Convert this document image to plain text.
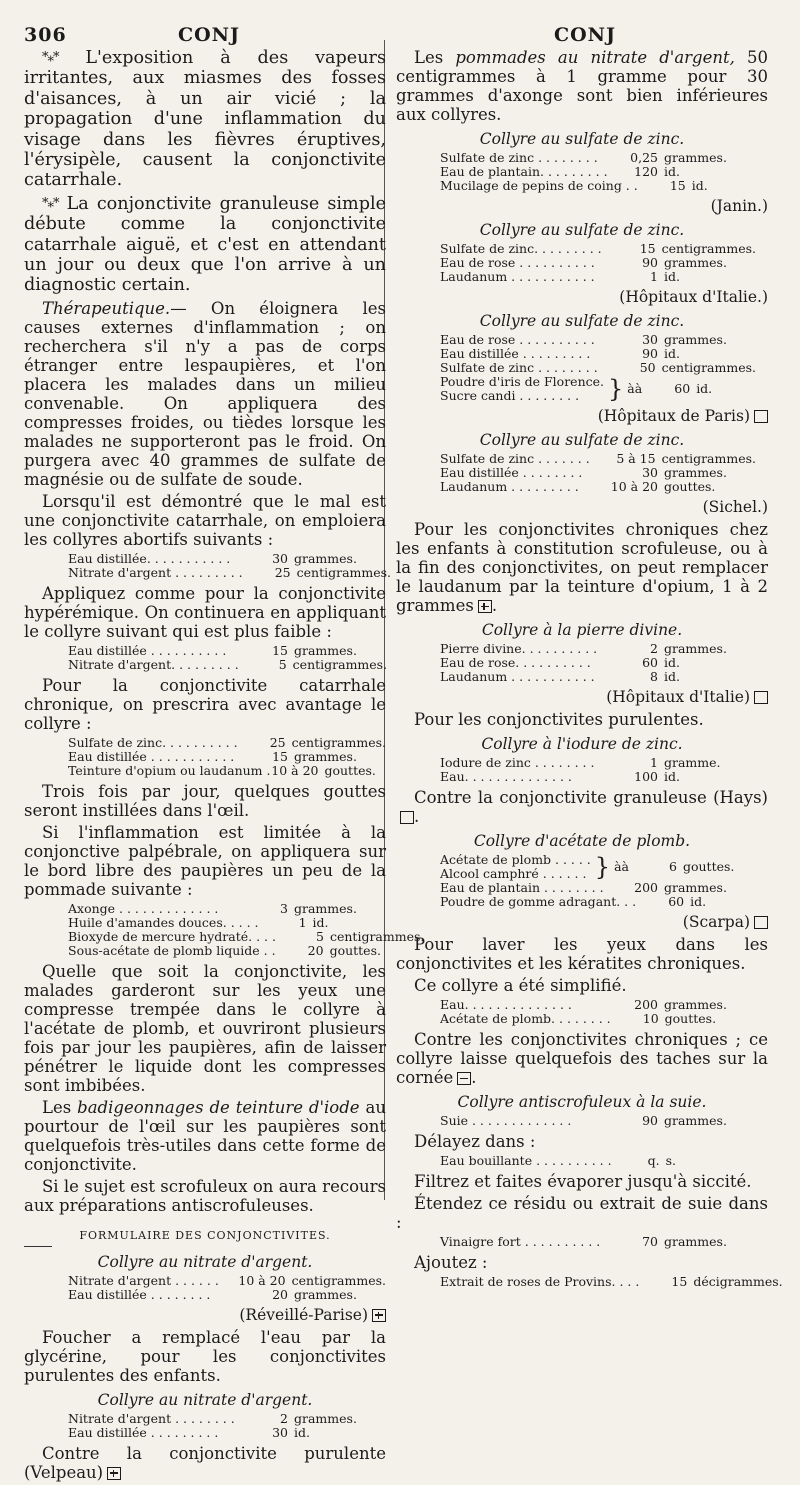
306	CONJ	CONJ

*⁎* L'exposition à des vapeurs irritantes, aux miasmes des fosses d'aisances, à un air vicié ; la propagation d'une inflammation du visage dans les fièvres éruptives, l'érysipèle, causent la conjonctivite catarrhale.

*⁎* La conjonctivite granuleuse simple débute comme la conjonctivite catarrhale aiguë, et c'est en attendant un jour ou deux que l'on arrive à un diagnostic certain.

Thérapeutique.— On éloignera les causes externes d'inflammation ; on recherchera s'il n'y a pas de corps étranger entre lespaupières, et l'on placera les malades dans un milieu convenable. On appliquera des compresses froides, ou tièdes lorsque les malades ne supporteront pas le froid. On purgera avec 40 grammes de sulfate de magnésie ou de sulfate de soude.

Lorsqu'il est démontré que le mal est une conjonctivite catarrhale, on emploiera les collyres abortifs suivants :

Eau distillée. . . . . . . . . . .	30 grammes.
Nitrate d'argent . . . . . . . . .	25 centigrammes.

Appliquez comme pour la conjonctivite hypérémique. On continuera en appliquant le collyre suivant qui est plus faible :

Eau distillée . . . . . . . . . .	15 grammes.
Nitrate d'argent. . . . . . . . .	5 centigrammes.

Pour la conjonctivite catarrhale chronique, on prescrira avec avantage le collyre :

Sulfate de zinc. . . . . . . . . .	25 centigrammes.
Eau distillée . . . . . . . . . . .	15 grammes.
Teinture d'opium ou laudanum . 10 à 20 gouttes.

Trois fois par jour, quelques gouttes seront instillées dans l'œil.

Si l'inflammation est limitée à la conjonctive palpébrale, on appliquera sur le bord libre des paupières un peu de la pommade suivante :

Axonge . . . . . . . . . . . . .	3 grammes.
Huile d'amandes douces. . . . .	1 id.
Bioxyde de mercure hydraté. . . .	5 centigrammes.
Sous-acétate de plomb liquide . .	20 gouttes.

Quelle que soit la conjonctivite, les malades garderont sur les yeux une compresse trempée dans le collyre à l'acétate de plomb, et ouvriront plusieurs fois par jour les paupières, afin de laisser pénétrer le liquide dont les compresses sont imbibées.

Les badigeonnages de teinture d'iode au pourtour de l'œil sur les paupières sont quelquefois très-utiles dans cette forme de conjonctivite.

Si le sujet est scrofuleux on aura recours aux préparations antiscrofuleuses.

FORMULAIRE DES CONJONCTIVITES.
Collyre au nitrate d'argent.
Nitrate d'argent . . . . . . 10 à 20 centigrammes.
Eau distillée . . . . . . . .	20 grammes.
(Réveillé-Parise)

Foucher a remplacé l'eau par la glycérine, pour les conjonctivites purulentes des enfants.

Collyre au nitrate d'argent.
Nitrate d'argent . . . . . . . .	2 grammes.
Eau distillée . . . . . . . . .	30 id.

Contre la conjonctivite purulente (Velpeau)

Les pommades au nitrate d'argent, 50 centigrammes à 1 gramme pour 30 grammes d'axonge sont bien inférieures aux collyres.

Collyre au sulfate de zinc.
Sulfate de zinc . . . . . . . .	0,25 grammes.
Eau de plantain. . . . . . . . .	120 id.
Mucilage de pepins de coing . .	15 id.
(Janin.)
Collyre au sulfate de zinc.
Sulfate de zinc. . . . . . . . .	15 centigrammes.
Eau de rose . . . . . . . . . .	90 grammes.
Laudanum . . . . . . . . . . .	1 id.
(Hôpitaux d'Italie.)
Collyre au sulfate de zinc.
Eau de rose . . . . . . . . . .	30 grammes.
Eau distillée . . . . . . . . .	90 id.
Sulfate de zinc . . . . . . . .	50 centigrammes.
Poudre d'iris de Florence.
Sucre candi . . . . . . . .	} àà	60 id.
(Hôpitaux de Paris)
Collyre au sulfate de zinc.
Sulfate de zinc . . . . . . .	5 à 15 centigrammes.
Eau distillée . . . . . . . .	30 grammes.
Laudanum . . . . . . . . .	10 à 20 gouttes.
(Sichel.)

Pour les conjonctivites chroniques chez les enfants à constitution scrofuleuse, ou à la fin des conjonctivites, on peut remplacer le laudanum par la teinture d'opium, 1 à 2 grammes .

Collyre à la pierre divine.
Pierre divine. . . . . . . . . .	2 grammes.
Eau de rose. . . . . . . . . .	60 id.
Laudanum . . . . . . . . . . .	8 id.
(Hôpitaux d'Italie)

Pour les conjonctivites purulentes.

Collyre à l'iodure de zinc.
Iodure de zinc . . . . . . . .	1 gramme.
Eau. . . . . . . . . . . . . .	100 id.

Contre la conjonctivite granuleuse (Hays).

Collyre d'acétate de plomb.
Acétate de plomb . . . . .
Alcool camphré . . . . . . } àà	6 gouttes.
Eau de plantain . . . . . . . .	200 grammes.
Poudre de gomme adragant. . .	60 id.
(Scarpa)

Pour laver les yeux dans les conjonctivites et les kératites chroniques.

Ce collyre a été simplifié.

Eau. . . . . . . . . . . . . .	200 grammes.
Acétate de plomb. . . . . . . .	10 gouttes.

Contre les conjonctivites chroniques ; ce collyre laisse quelquefois des taches sur la cornée .

Collyre antiscrofuleux à la suie.
Suie . . . . . . . . . . . . .	90 grammes.

Délayez dans :

Eau bouillante . . . . . . . . . .	q. s.

Filtrez et faites évaporer jusqu'à siccité.

Étendez ce résidu ou extrait de suie dans :

Vinaigre fort . . . . . . . . . .	70 grammes.

Ajoutez :

Extrait de roses de Provins. . . .	15 décigrammes.
